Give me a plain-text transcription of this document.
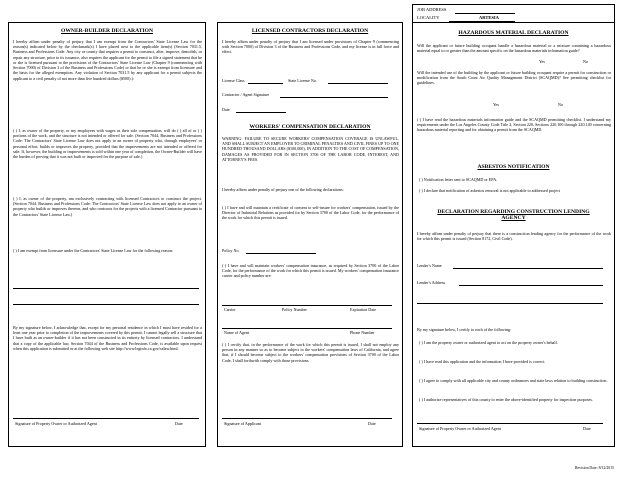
OWNER-BUILDER DECLARATION

I hereby affirm under penalty of perjury that I am exempt from the Contractors' State License Law for the reason(s) indicated below by the checkmark(s) I have placed next to the applicable item(s) (Section 7031.5, Business and Professions Code: Any city or county that requires a permit to construct, alter, improve, demolish, or repair any structure, prior to its issuance, also requires the applicant for the permit to file a signed statement that he or she is licensed pursuant to the provisions of the Contractors' State License Law (Chapter 9 (commencing with Section 7000) of Division 3 of the Business and Professions Code) or that he or she is exempt from licensure and the basis for the alleged exemption. Any violation of Section 7031.5 by any applicant for a permit subjects the applicant to a civil penalty of not more than five hundred dollars ($500).):

( ) I, as owner of the property, or my employees with wages as their sole compensation, will do ( ) all of or ( ) portions of the work, and the structure is not intended or offered for sale. (Section 7044, Business and Professions Code: The Contractors' State License Law does not apply to an owner of property who, through employees' or personal effort, builds or improves the property, provided that the improvements are not intended or offered for sale. If, however, the building or improvements is sold within one year of completion, the Owner-Builder will have the burden of proving that it was not built or improved for the purpose of sale.)

( ) I, as owner of the property, am exclusively contracting with licensed Contractors to construct the project. (Section 7044, Business and Professions Code: The Contractors' State License Law does not apply to an owner of property who builds or improves thereon, and who contracts for the projects with a licensed Contractor pursuant to the Contractors' State License Law.)

( ) I am exempt from licensure under the Contractors' State License Law for the following reason:

By my signature below, I acknowledge that, except for my personal residence in which I must have resided for a least one year prior to completion of the improvements covered by this permit, I cannot legally sell a structure that I have built as an owner-builder if it has not been constructed in its entirety by licensed contractors. I understand that a copy of the applicable law, Section 7044 of the Business and Professions Code, is available upon request when this application is submitted or at the following web site http://www.leginfo.ca.gov/calaw.html.

Signature of Property Owner or Authorized Agent	Date
LICENSED CONTRACTORS DECLARATION

I hereby affirm under penalty of perjury that I am licensed under provisions of Chapter 9 (commencing with Section 7000) of Division 3 of the Business and Professions Code, and my license is in full force and effect.

License Class	State License No.
Contractor / Agent Signature
Date
WORKERS' COMPENSATION DECLARATION

WARNING: FAILURE TO SECURE WORKERS' COMPENSATION COVERAGE IS UNLAWFUL, AND SHALL SUBJECT AN EMPLOYER TO CRIMINAL PENALTIES AND CIVIL FINES UP TO ONE HUNDRED THOUSAND DOLLARS ($100,000), IN ADDITION TO THE COST OF COMPENSATION, DAMAGES AS PROVIDED FOR IN SECTION 3706 OF THE LABOR CODE, INTEREST, AND ATTORNEY'S FEES.

I hereby affirm under penalty of perjury one of the following declarations:

( ) I have and will maintain a certificate of consent to self-insure for workers' compensation, issued by the Director of Industrial Relations as provided for by Section 3700 of the Labor Code, for the performance of the work for which this permit is issued.

Policy No.

( ) I have and will maintain workers' compensation insurance, as required by Section 3700 of the Labor Code, for the performance of the work for which this permit is issued. My workers' compensation insurance carrier and policy number are:

Carrier	Policy Number	Expiration Date
Name of Agent	Phone Number

( ) I certify that, in the performance of the work for which this permit is issued, I shall not employ any person in any manner so as to become subject to the workers' compensation laws of California, and agree that, if I should become subject to the workers' compensation provisions of Section 3700 of the Labor Code, I shall forthwith comply with those provisions.

Signature of Applicant	Date
JOB ADDRESS
LOCALITY	ARTESIA
HAZARDOUS MATERIAL DECLARATION

Will the applicant or future building occupant handle a hazardous material or a mixture containing a hazardous material equal to or greater than the amount specific on the hazardous materials information guide?

Yes	No

Will the intended use of the building by the applicant or future building occupant require a permit for construction or modification from the South Coast Air Quality Management District (SCAQMD)? See permitting checklist for guidelines.

Yes	No

( ) I have read the hazardous materials information guide and the SCAQMD permitting checklist. I understand my requirements under the Los Angeles County Code Title 2, Section 220, Sections 220.100 through 220.140 concerning hazardous material reporting and for obtaining a permit from the SCAQMD.

ASBESTOS NOTIFICATION

( ) Notification letter sent to SCAQMD or EPA.

( ) I declare that notification of asbestos removal is not applicable to addressed project

DECLARATION REGARDING CONSTRUCTION LENDING AGENCY

I hereby affirm under penalty of perjury that there is a construction lending agency for the performance of the work for which this permit is issued (Section 8172, Civil Code).

Lender's Name
Lender's Address

By my signature below, I certify to each of the following:

( ) I am the property owner or authorized agent to act on the property owner's behalf.

( ) I have read this application and the information I have provided is correct.

( ) I agree to comply with all applicable city and county ordinances and state laws relation to building construction.

( ) I authorize representatives of this county to enter the above-identified property for inspection purposes.

Signature of Property Owner or Authorized Agent	Date
Revision Date: 8/12/2015
